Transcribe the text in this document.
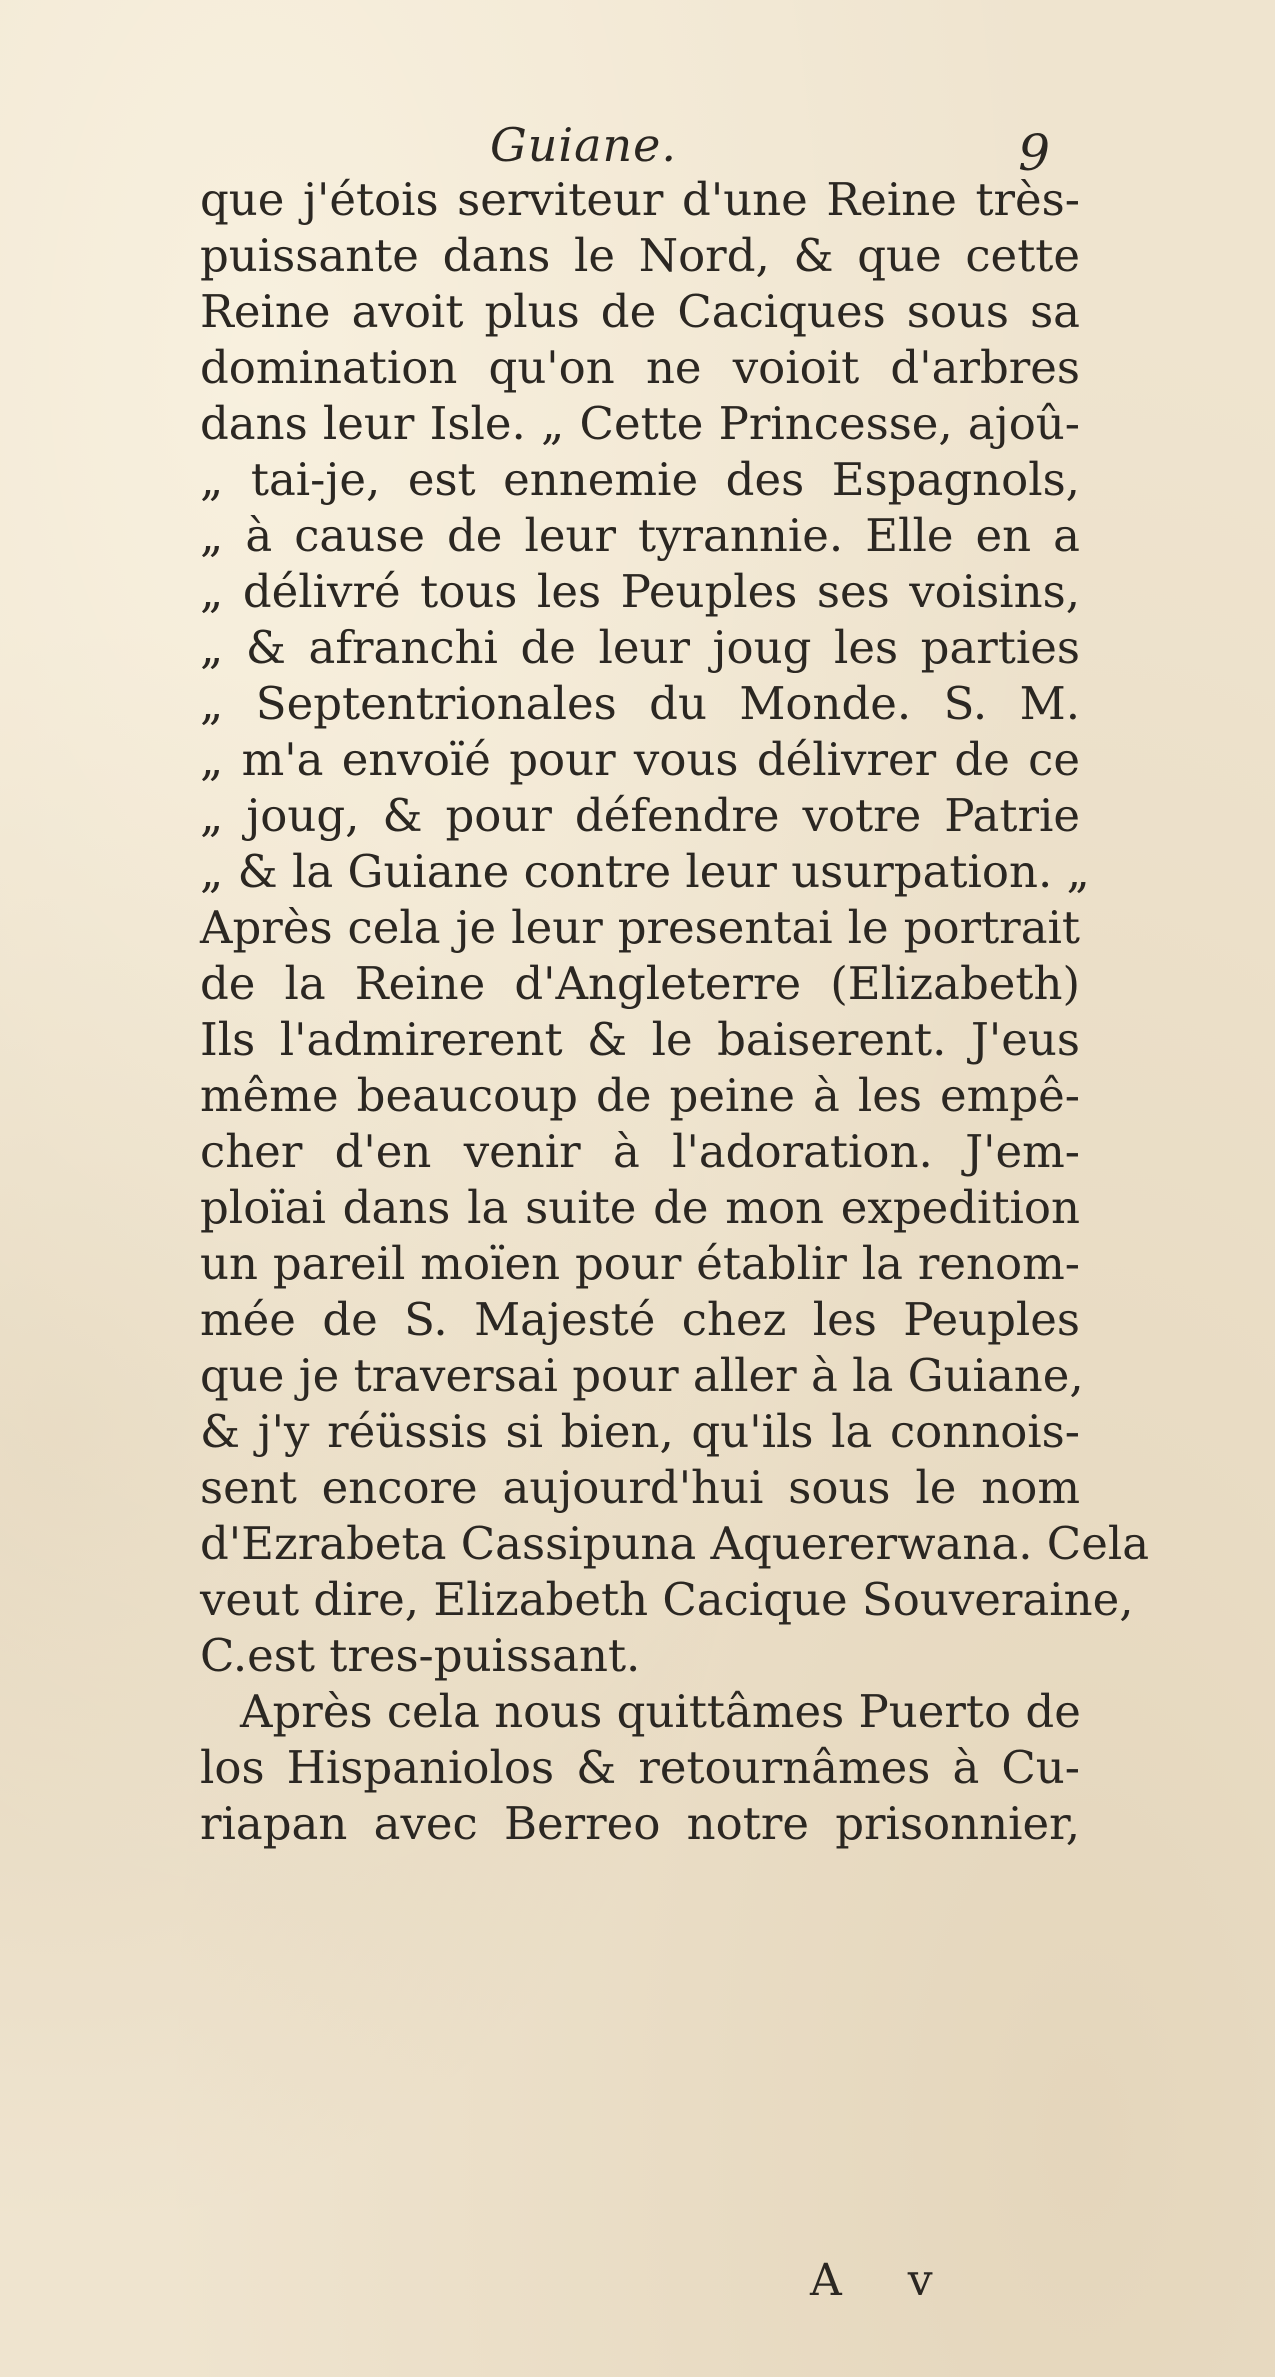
Guiane.	9
que j'étois serviteur d'une Reine très-
puissante dans le Nord, & que cette
Reine avoit plus de Caciques sous sa
domination qu'on ne voioit d'arbres
dans leur Isle. „ Cette Princesse, ajoû-
„ tai-je, est ennemie des Espagnols,
„ à cause de leur tyrannie. Elle en a
„ délivré tous les Peuples ses voisins,
„ & afranchi de leur joug les parties
„ Septentrionales du Monde. S. M.
„ m'a envoïé pour vous délivrer de ce
„ joug, & pour défendre votre Patrie
„ & la Guiane contre leur usurpation. „
Après cela je leur presentai le portrait
de la Reine d'Angleterre (Elizabeth)
Ils l'admirerent & le baiserent. J'eus
même beaucoup de peine à les empê-
cher d'en venir à l'adoration. J'em-
ploïai dans la suite de mon expedition
un pareil moïen pour établir la renom-
mée de S. Majesté chez les Peuples
que je traversai pour aller à la Guiane,
& j'y réüssis si bien, qu'ils la connois-
sent encore aujourd'hui sous le nom
d'Ezrabeta Cassipuna Aquererwana. Cela
veut dire, Elizabeth Cacique Souveraine,
C.est tres-puissant.
Après cela nous quittâmes Puerto de
los Hispaniolos & retournâmes à Cu-
riapan avec Berreo notre prisonnier,
A v
